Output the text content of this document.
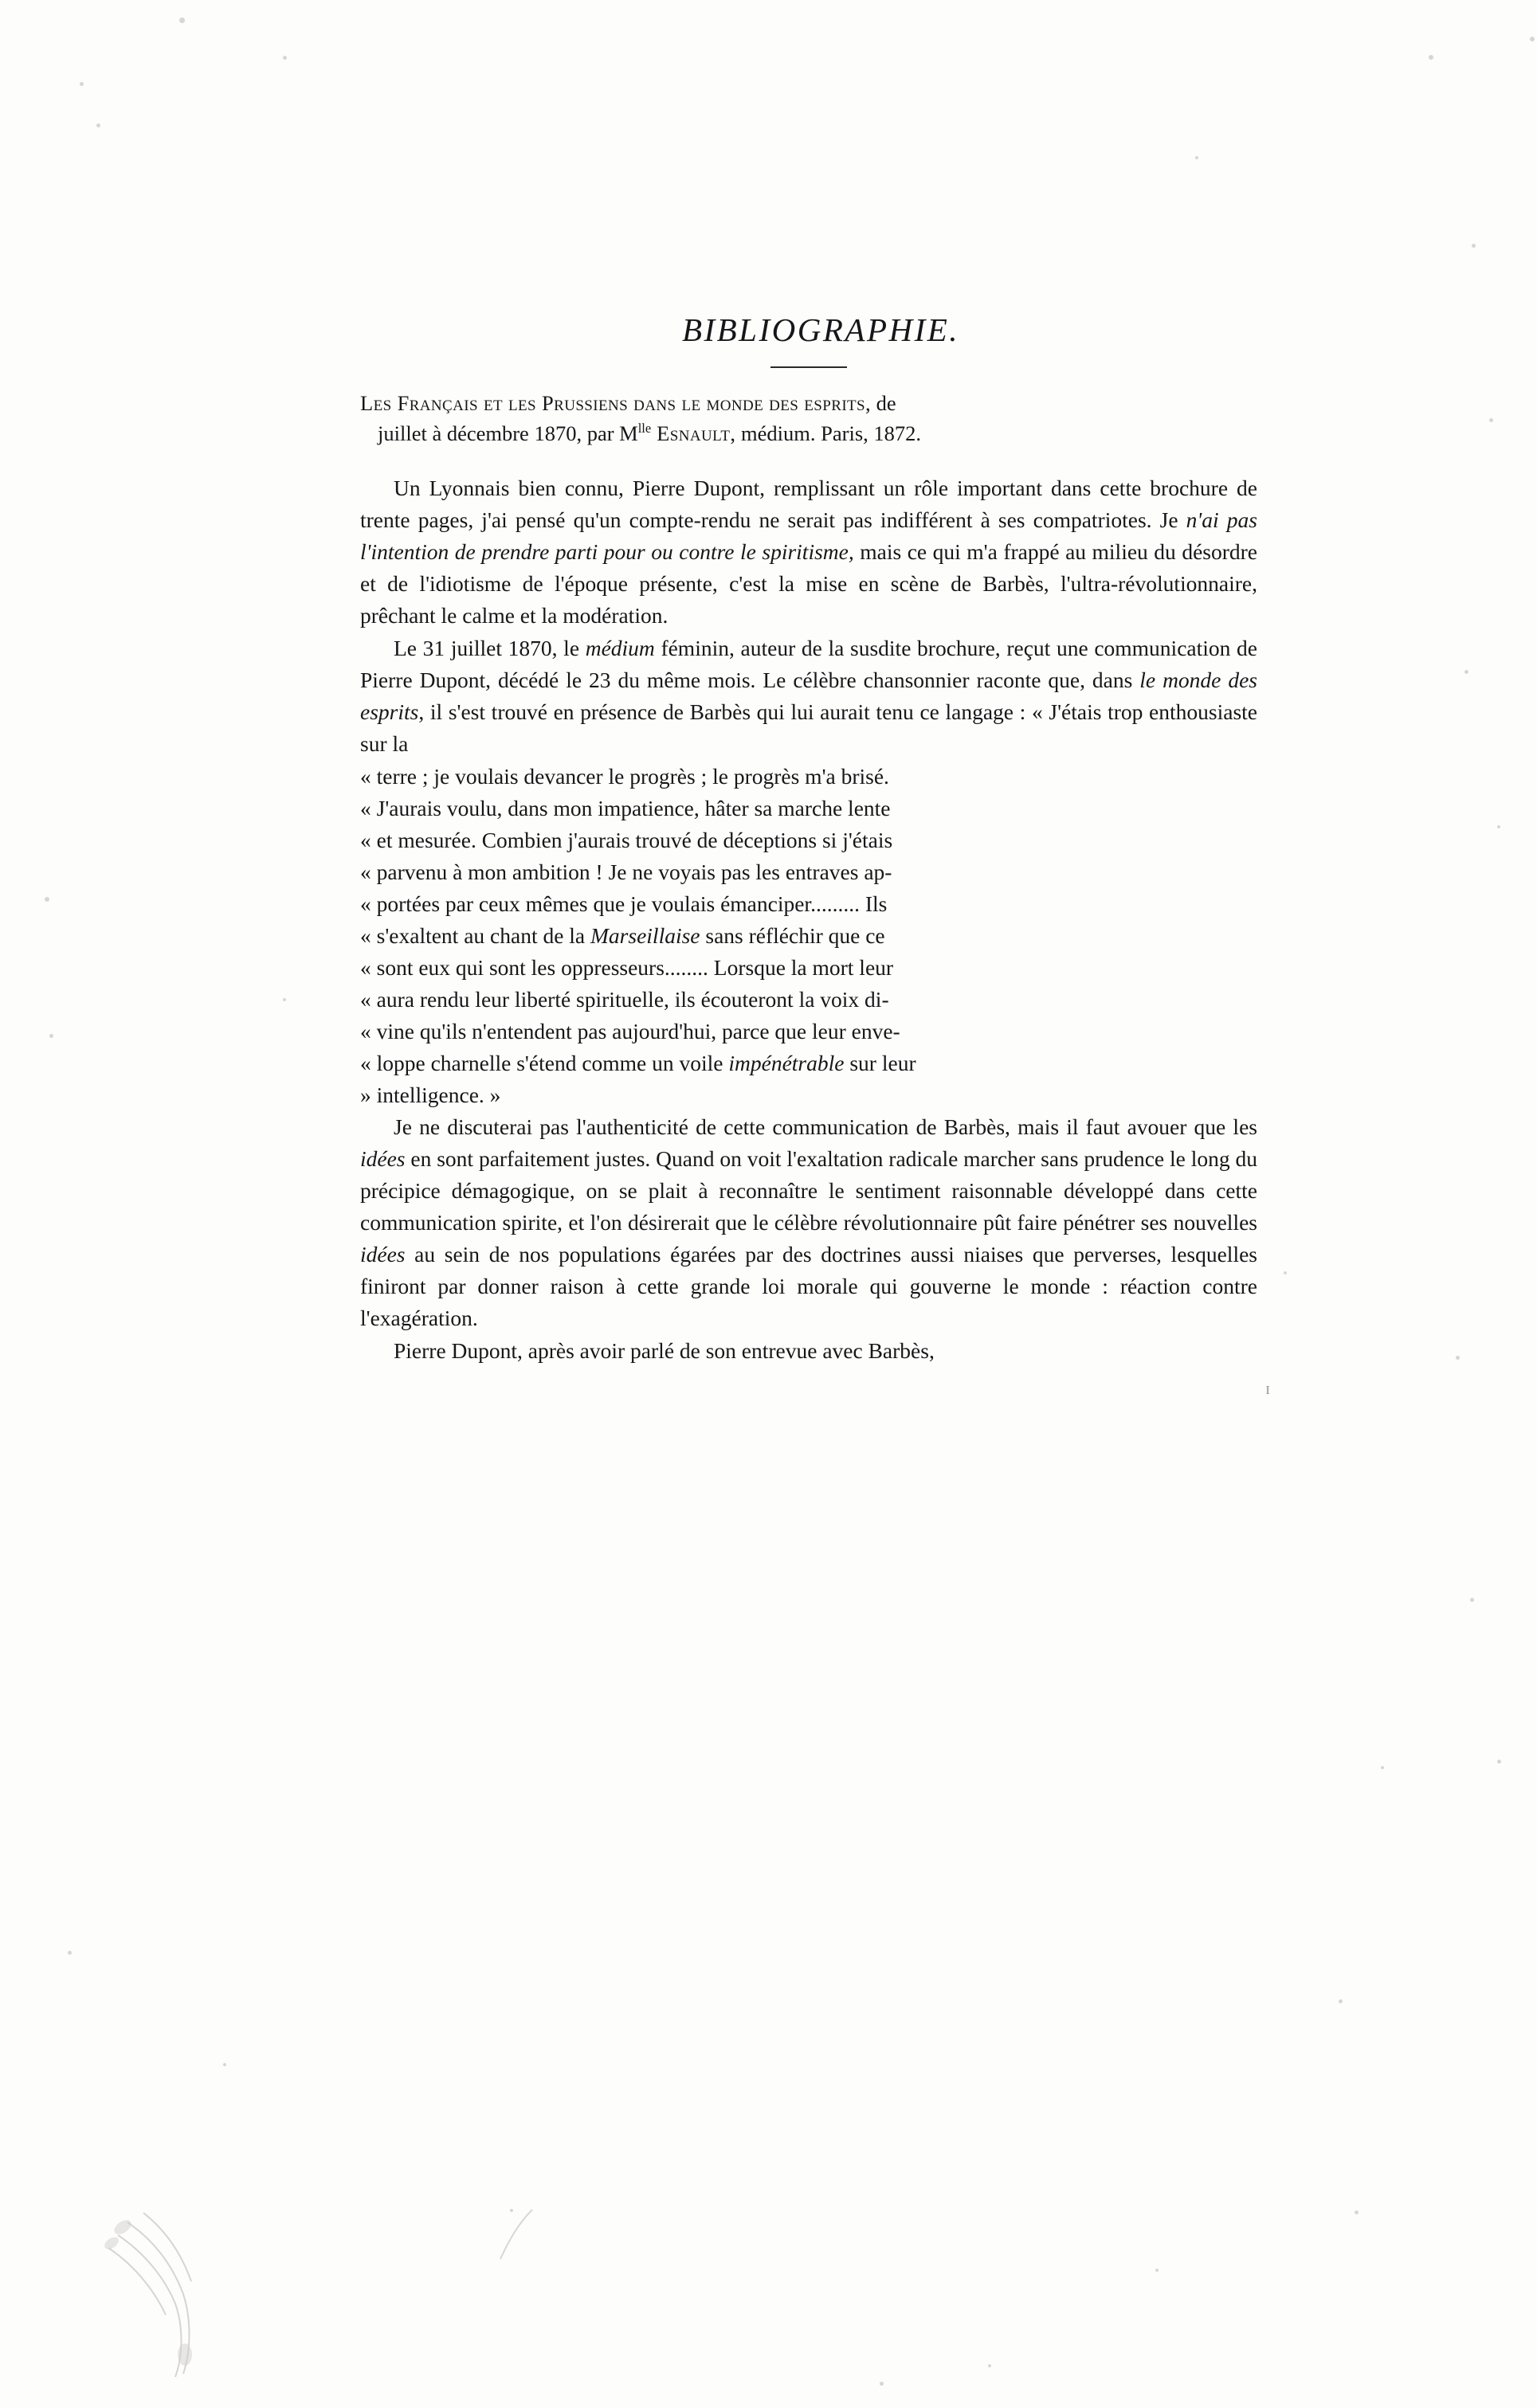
ɪ
BIBLIOGRAPHIE.
Les Français et les Prussiens dans le monde des esprits, de
juillet à décembre 1870, par $M^{lle}$ Esnault, médium. Paris, 1872.

Un Lyonnais bien connu, Pierre Dupont, remplissant un rôle important dans cette brochure de trente pages, j'ai pensé qu'un compte-rendu ne serait pas indifférent à ses compatriotes. Je n'ai pas l'intention de prendre parti pour ou contre le spiritisme, mais ce qui m'a frappé au milieu du désordre et de l'idiotisme de l'époque présente, c'est la mise en scène de Barbès, l'ultra-révolutionnaire, prêchant le calme et la modération.

Le 31 juillet 1870, le médium féminin, auteur de la susdite brochure, reçut une communication de Pierre Dupont, décédé le 23 du même mois. Le célèbre chansonnier raconte que, dans le monde des esprits, il s'est trouvé en présence de Barbès qui lui aurait tenu ce langage : « J'étais trop enthousiaste sur la

« terre ; je voulais devancer le progrès ; le progrès m'a brisé.
« J'aurais voulu, dans mon impatience, hâter sa marche lente
« et mesurée. Combien j'aurais trouvé de déceptions si j'étais
« parvenu à mon ambition ! Je ne voyais pas les entraves ap-
« portées par ceux mêmes que je voulais émanciper......... Ils
« s'exaltent au chant de la Marseillaise sans réfléchir que ce
« sont eux qui sont les oppresseurs........ Lorsque la mort leur
« aura rendu leur liberté spirituelle, ils écouteront la voix di-
« vine qu'ils n'entendent pas aujourd'hui, parce que leur enve-
« loppe charnelle s'étend comme un voile impénétrable sur leur
» intelligence. »

Je ne discuterai pas l'authenticité de cette communication de Barbès, mais il faut avouer que les idées en sont parfaitement justes. Quand on voit l'exaltation radicale marcher sans prudence le long du précipice démagogique, on se plait à reconnaître le sentiment raisonnable développé dans cette communication spirite, et l'on désirerait que le célèbre révolutionnaire pût faire pénétrer ses nouvelles idées au sein de nos populations égarées par des doctrines aussi niaises que perverses, lesquelles finiront par donner raison à cette grande loi morale qui gouverne le monde : réaction contre l'exagération.

Pierre Dupont, après avoir parlé de son entrevue avec Barbès,
